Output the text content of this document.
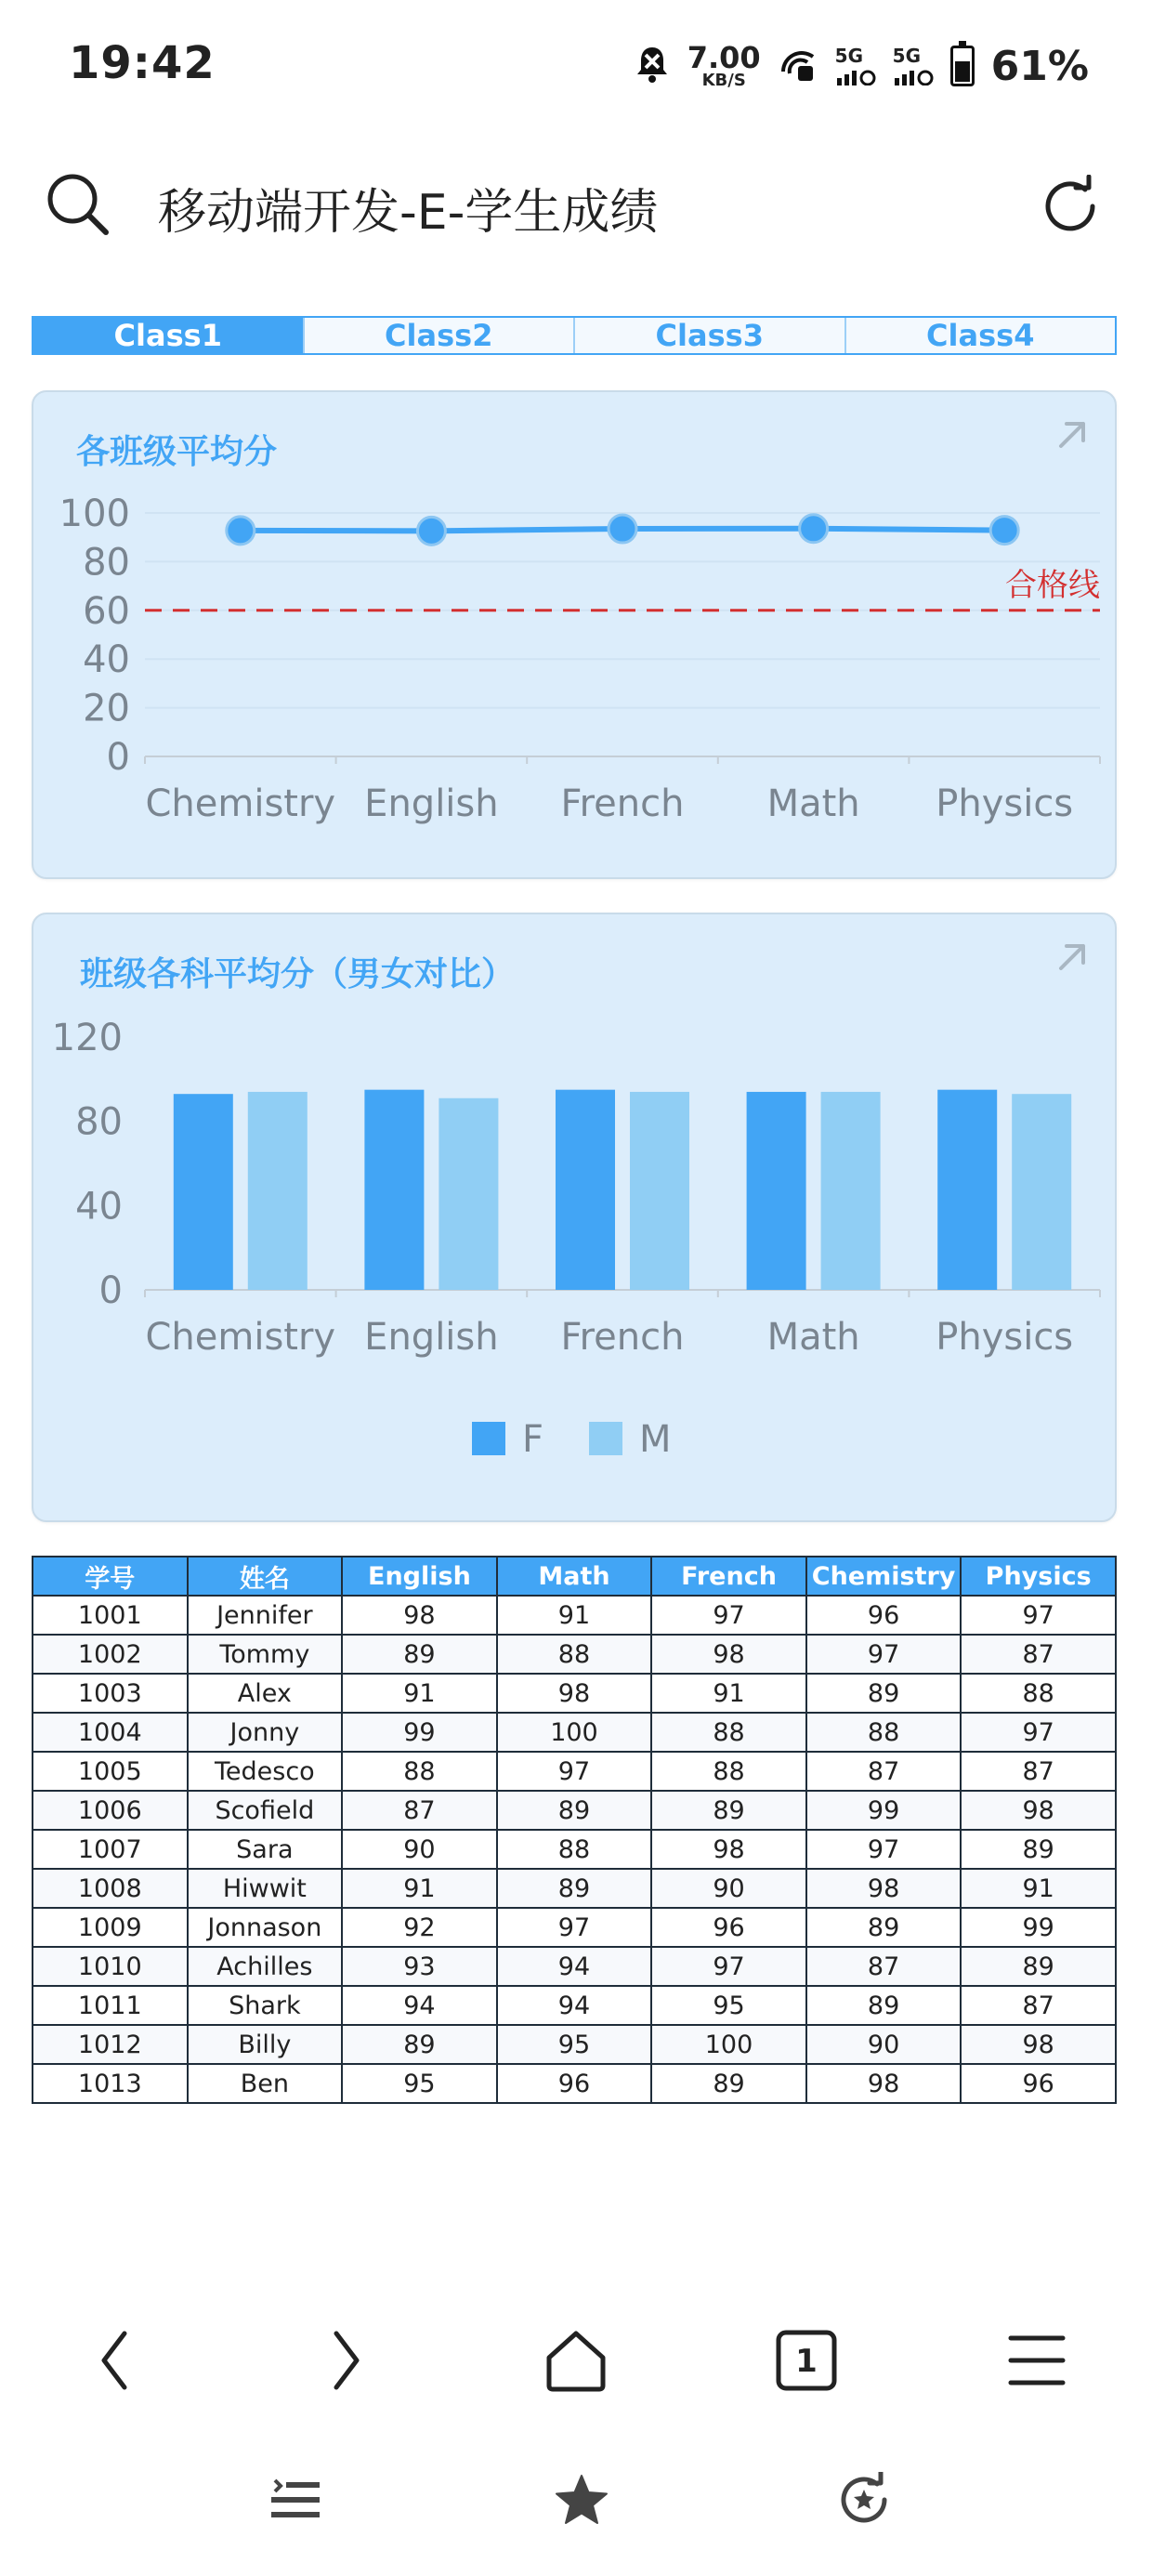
19:42	7.00
KB/S
5G 5G 61%
移动端开发-E-学生成绩
Class1	Class2	Class3	Class4
各班级平均分
0
20
40
60
80
100
Chemistry English French Math Physics
合格线
班级各科平均分（男女对比）
0
40
80
120
Chemistry English French Math Physics
F	M
学号	姓名	English	Math	French	Chemistry	Physics
1001	Jennifer	98	91	97	96	97
1002	Tommy	89	88	98	97	87
1003	Alex	91	98	91	89	88
1004	Jonny	99	100	88	88	97
1005	Tedesco	88	97	88	87	87
1006	Scofield	87	89	89	99	98
1007	Sara	90	88	98	97	89
1008	Hiwwit	91	89	90	98	91
1009	Jonnason	92	97	96	89	99
1010	Achilles	93	94	97	87	89
1011	Shark	94	94	95	89	87
1012	Billy	89	95	100	90	98
1013	Ben	95	96	89	98	96
1
